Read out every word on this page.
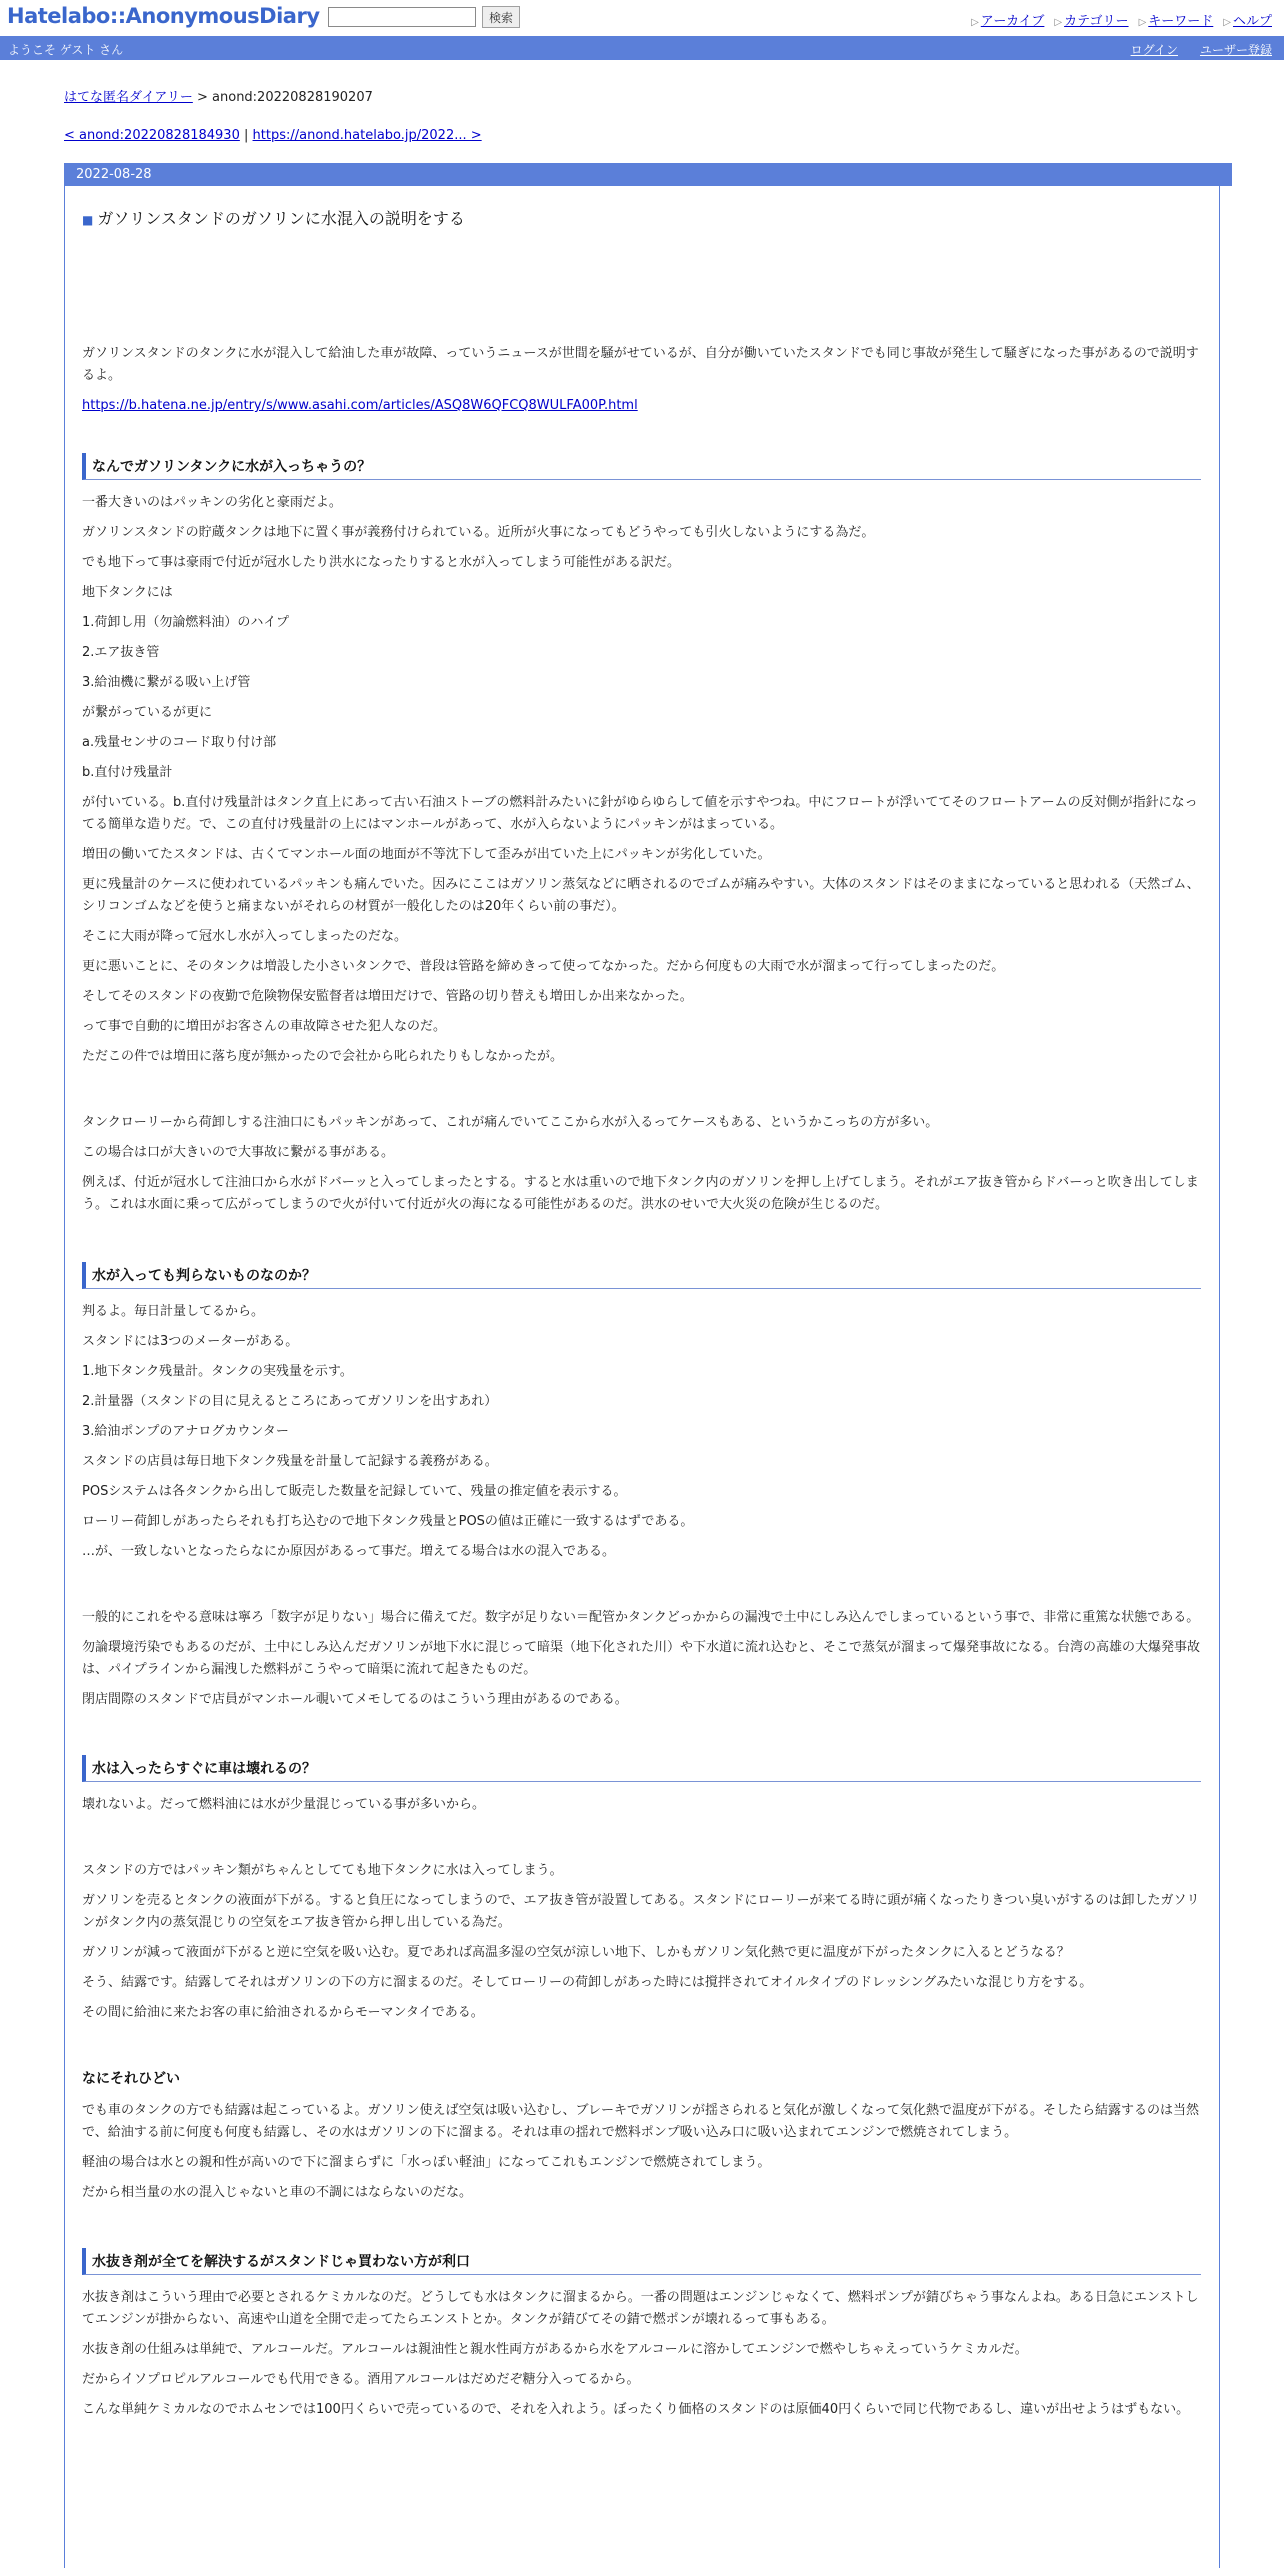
Hatelabo::AnonymousDiary	検索	▷ アーカイブ ▷ カテゴリー ▷ キーワード ▷ ヘルプ
ようこそ ゲスト さん	ログイン ユーザー登録
はてな匿名ダイアリー > anond:20220828190207
< anond:20220828184930 | https://anond.hatelabo.jp/2022... >
2022-08-28
■ ガソリンスタンドのガソリンに水混入の説明をする

ガソリンスタンドのタンクに水が混入して給油した車が故障、っていうニュースが世間を騒がせているが、自分が働いていたスタンドでも同じ事故が発生して騒ぎになった事があるので説明するよ。

https://b.hatena.ne.jp/entry/s/www.asahi.com/articles/ASQ8W6QFCQ8WULFA00P.html

なんでガソリンタンクに水が入っちゃうの？

一番大きいのはパッキンの劣化と豪雨だよ。

ガソリンスタンドの貯蔵タンクは地下に置く事が義務付けられている。近所が火事になってもどうやっても引火しないようにする為だ。

でも地下って事は豪雨で付近が冠水したり洪水になったりすると水が入ってしまう可能性がある訳だ。

地下タンクには

1.荷卸し用（勿論燃料油）のハイプ

2.エア抜き管

3.給油機に繋がる吸い上げ管

が繋がっているが更に

a.残量センサのコード取り付け部

b.直付け残量計

が付いている。b.直付け残量計はタンク直上にあって古い石油ストーブの燃料計みたいに針がゆらゆらして値を示すやつね。中にフロートが浮いててそのフロートアームの反対側が指針になってる簡単な造りだ。で、この直付け残量計の上にはマンホールがあって、水が入らないようにパッキンがはまっている。

増田の働いてたスタンドは、古くてマンホール面の地面が不等沈下して歪みが出ていた上にパッキンが劣化していた。

更に残量計のケースに使われているパッキンも痛んでいた。因みにここはガソリン蒸気などに晒されるのでゴムが痛みやすい。大体のスタンドはそのままになっていると思われる（天然ゴム、シリコンゴムなどを使うと痛まないがそれらの材質が一般化したのは20年くらい前の事だ）。

そこに大雨が降って冠水し水が入ってしまったのだな。

更に悪いことに、そのタンクは増設した小さいタンクで、普段は管路を締めきって使ってなかった。だから何度もの大雨で水が溜まって行ってしまったのだ。

そしてそのスタンドの夜勤で危険物保安監督者は増田だけで、管路の切り替えも増田しか出来なかった。

って事で自動的に増田がお客さんの車故障させた犯人なのだ。

ただこの件では増田に落ち度が無かったので会社から叱られたりもしなかったが。

タンクローリーから荷卸しする注油口にもパッキンがあって、これが痛んでいてここから水が入るってケースもある、というかこっちの方が多い。

この場合は口が大きいので大事故に繋がる事がある。

例えば、付近が冠水して注油口から水がドバーッと入ってしまったとする。すると水は重いので地下タンク内のガソリンを押し上げてしまう。それがエア抜き管からドバーっと吹き出してしまう。これは水面に乗って広がってしまうので火が付いて付近が火の海になる可能性があるのだ。洪水のせいで大火災の危険が生じるのだ。

水が入っても判らないものなのか？

判るよ。毎日計量してるから。

スタンドには3つのメーターがある。

1.地下タンク残量計。タンクの実残量を示す。

2.計量器（スタンドの目に見えるところにあってガソリンを出すあれ）

3.給油ポンプのアナログカウンター

スタンドの店員は毎日地下タンク残量を計量して記録する義務がある。

POSシステムは各タンクから出して販売した数量を記録していて、残量の推定値を表示する。

ローリー荷卸しがあったらそれも打ち込むので地下タンク残量とPOSの値は正確に一致するはずである。

…が、一致しないとなったらなにか原因があるって事だ。増えてる場合は水の混入である。

一般的にこれをやる意味は寧ろ「数字が足りない」場合に備えてだ。数字が足りない＝配管かタンクどっかからの漏洩で土中にしみ込んでしまっているという事で、非常に重篤な状態である。

勿論環境汚染でもあるのだが、土中にしみ込んだガソリンが地下水に混じって暗渠（地下化された川）や下水道に流れ込むと、そこで蒸気が溜まって爆発事故になる。台湾の高雄の大爆発事故は、パイプラインから漏洩した燃料がこうやって暗渠に流れて起きたものだ。

閉店間際のスタンドで店員がマンホール覗いてメモしてるのはこういう理由があるのである。

水は入ったらすぐに車は壊れるの？

壊れないよ。だって燃料油には水が少量混じっている事が多いから。

スタンドの方ではパッキン類がちゃんとしてても地下タンクに水は入ってしまう。

ガソリンを売るとタンクの液面が下がる。すると負圧になってしまうので、エア抜き管が設置してある。スタンドにローリーが来てる時に頭が痛くなったりきつい臭いがするのは卸したガソリンがタンク内の蒸気混じりの空気をエア抜き管から押し出している為だ。

ガソリンが減って液面が下がると逆に空気を吸い込む。夏であれば高温多湿の空気が涼しい地下、しかもガソリン気化熱で更に温度が下がったタンクに入るとどうなる？

そう、結露です。結露してそれはガソリンの下の方に溜まるのだ。そしてローリーの荷卸しがあった時には撹拌されてオイルタイプのドレッシングみたいな混じり方をする。

その間に給油に来たお客の車に給油されるからモーマンタイである。

なにそれひどい

でも車のタンクの方でも結露は起こっているよ。ガソリン使えば空気は吸い込むし、ブレーキでガソリンが揺さられると気化が激しくなって気化熱で温度が下がる。そしたら結露するのは当然で、給油する前に何度も何度も結露し、その水はガソリンの下に溜まる。それは車の揺れで燃料ポンプ吸い込み口に吸い込まれてエンジンで燃焼されてしまう。

軽油の場合は水との親和性が高いので下に溜まらずに「水っぽい軽油」になってこれもエンジンで燃焼されてしまう。

だから相当量の水の混入じゃないと車の不調にはならないのだな。

水抜き剤が全てを解決するがスタンドじゃ買わない方が利口

水抜き剤はこういう理由で必要とされるケミカルなのだ。どうしても水はタンクに溜まるから。一番の問題はエンジンじゃなくて、燃料ポンプが錆びちゃう事なんよね。ある日急にエンストしてエンジンが掛からない、高速や山道を全開で走ってたらエンストとか。タンクが錆びてその錆で燃ポンが壊れるって事もある。

水抜き剤の仕組みは単純で、アルコールだ。アルコールは親油性と親水性両方があるから水をアルコールに溶かしてエンジンで燃やしちゃえっていうケミカルだ。

だからイソプロピルアルコールでも代用できる。酒用アルコールはだめだぞ糖分入ってるから。

こんな単純ケミカルなのでホムセンでは100円くらいで売っているので、それを入れよう。ぼったくり価格のスタンドのは原価40円くらいで同じ代物であるし、違いが出せようはずもない。
